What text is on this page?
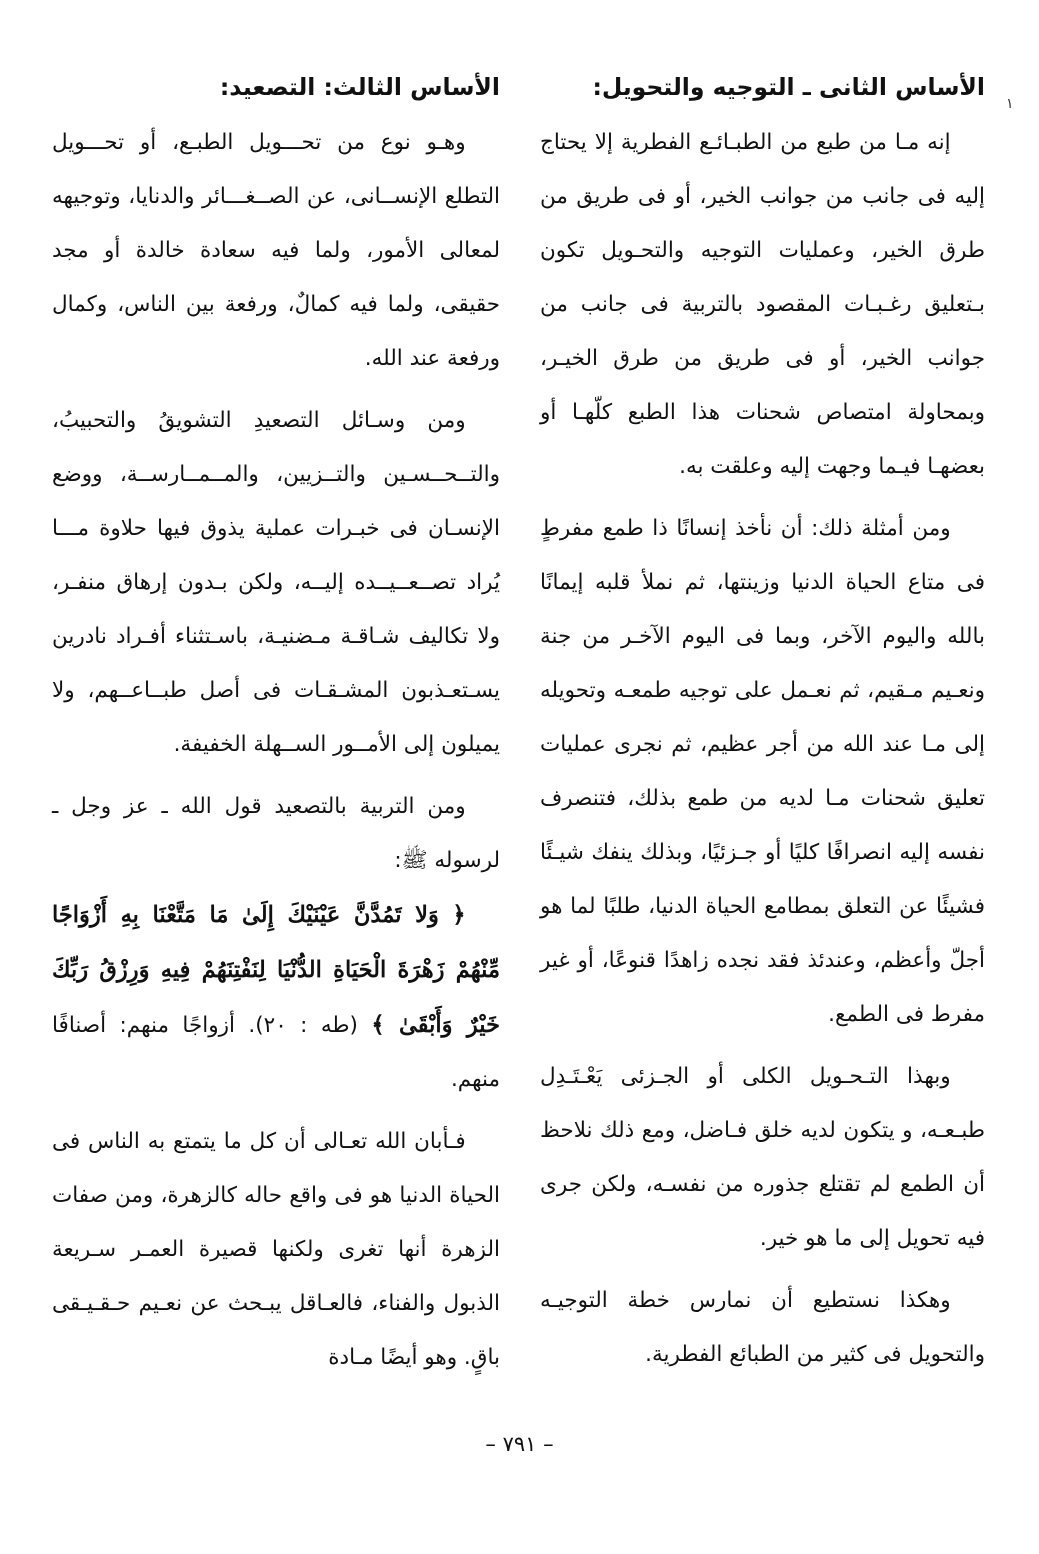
١
الأساس الثانى ـ التوجيه والتحويل:

إنه مـا من طبع من الطبـائـع الفطرية إلا يحتاج إليه فى جانب من جوانب الخير، أو فى طريق من طرق الخير، وعمليات التوجيه والتحـويل تكون بـتعليق رغـبـات المقصود بالتربية فى جانب من جوانب الخير، أو فى طريق من طرق الخيـر، وبمحاولة امتصاص شحنات هذا الطبع كلّهـا أو بعضهـا فيـما وجهت إليه وعلقت به.

ومن أمثلة ذلك: أن نأخذ إنسانًا ذا طمع مفرطٍ فى متاع الحياة الدنيا وزينتها، ثم نملأ قلبه إيمانًا بالله واليوم الآخر، وبما فى اليوم الآخـر من جنة ونعـيم مـقيم، ثم نعـمل على توجيه طمعـه وتحويله إلى مـا عند الله من أجر عظيم، ثم نجرى عمليات تعليق شحنات مـا لديه من طمع بذلك، فتنصرف نفسه إليه انصرافًا كليًا أو جـزئيًا، وبذلك ينفك شيـئًا فشيئًا عن التعلق بمطامع الحياة الدنيا، طلبًا لما هو أجلّ وأعظم، وعندئذ فقد نجده زاهدًا قنوعًا، أو غير مفرط فى الطمع.

وبهذا التـحـويل الكلى أو الجـزئى يَعْـتَـدِل طبـعـه، و يتكون لديه خلق فـاضل، ومع ذلك نلاحظ أن الطمع لم تقتلع جذوره من نفسـه، ولكن جرى فيه تحويل إلى ما هو خير.

وهكذا نستطيع أن نمارس خطة التوجيـه والتحويل فى كثير من الطبائع الفطرية.

الأساس الثالث: التصعيد:

وهـو نوع من تحـــويل الطبـع، أو تحـــويل التطلع الإنســانى، عن الصــغـــائر والدنايا، وتوجيهه لمعالى الأمور، ولما فيه سعادة خالدة أو مجد حقيقى، ولما فيه كمالٌ، ورفعة بين الناس، وكمال ورفعة عند الله.

ومن وسـائل التصعيدِ التشويقُ والتحبيبُ، والتــحــسـين والتــزيين، والمــمــارســة، ووضع الإنسـان فى خبـرات عملية يذوق فيها حلاوة مـــا يُراد تصــعــيــده إليــه، ولكن بـدون إرهاق منفـر، ولا تكاليف شـاقـة مـضنيـة، باسـتثناء أفـراد نادرين يسـتعـذبون المشـقـات فى أصل طبــاعــهم، ولا يميلون إلى الأمــور الســهلة الخفيفة.

ومن التربية بالتصعيد قول الله ـ عز وجل ـ لرسوله ﷺ:

﴿ وَلا تَمُدَّنَّ عَيْنَيْكَ إِلَىٰ مَا مَتَّعْنَا بِهِ أَزْوَاجًا مِّنْهُمْ زَهْرَةَ الْحَيَاةِ الدُّنْيَا لِنَفْتِنَهُمْ فِيهِ وَرِزْقُ رَبِّكَ خَيْرٌ وَأَبْقَىٰ ﴾ (طه : ٢٠). أزواجًا منهم: أصنافًا منهم.

فـأبان الله تعـالى أن كل ما يتمتع به الناس فى الحياة الدنيا هو فى واقع حاله كالزهرة، ومن صفات الزهرة أنها تغرى ولكنها قصيرة العمـر سـريعة الذبول والفناء، فالعـاقل يبـحث عن نعـيم حـقـيـقى باقٍ. وهو أيضًا مـادة

– ٧٩١ –
